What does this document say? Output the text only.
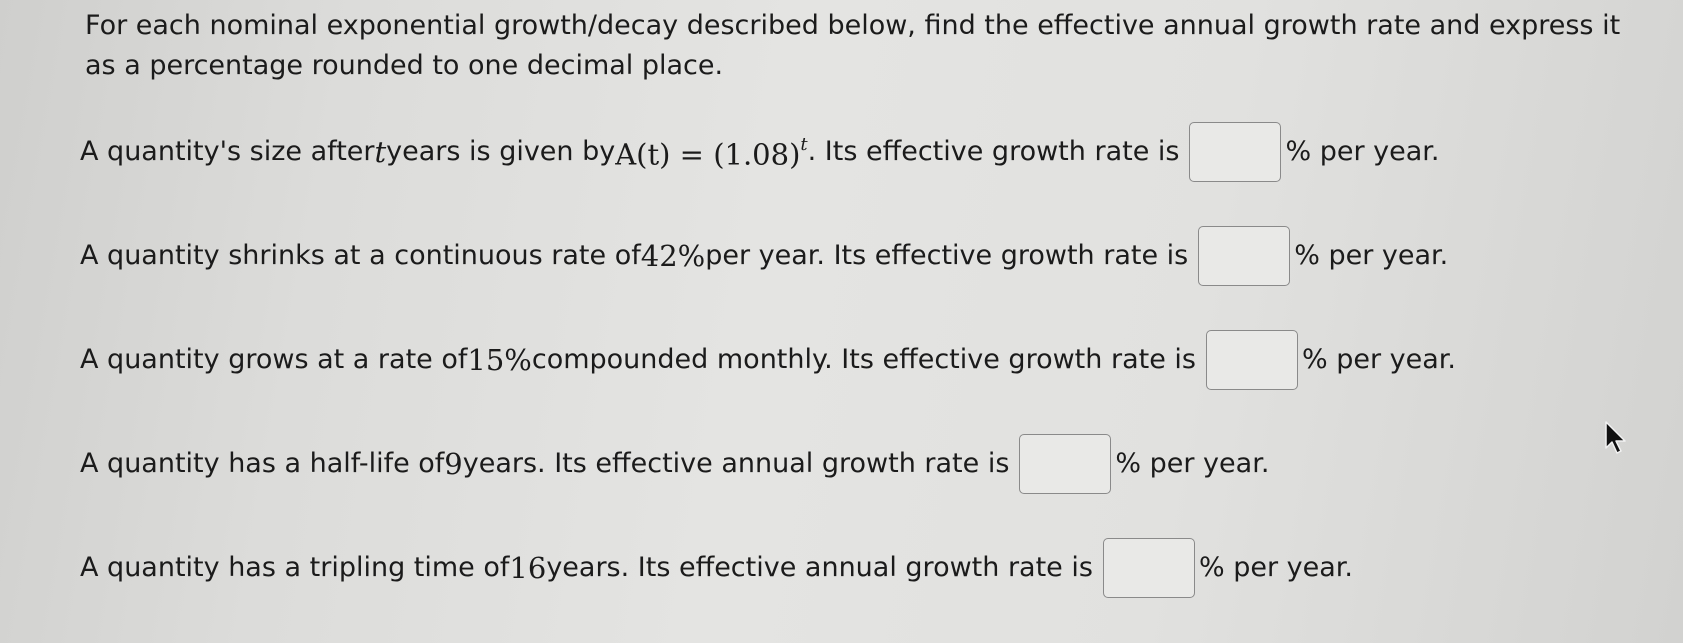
For each nominal exponential growth/decay described below, find the effective annual growth rate and express it as a percentage rounded to one decimal place.
A quantity's size after t years is given by $A(t) = (1.08)^t$ . Its effective growth rate is	% per year.
A quantity shrinks at a continuous rate of 42% per year. Its effective growth rate is	% per year.
A quantity grows at a rate of 15% compounded monthly. Its effective growth rate is	% per year.
A quantity has a half-life of 9 years. Its effective annual growth rate is	% per year.
A quantity has a tripling time of 16 years. Its effective annual growth rate is	% per year.
